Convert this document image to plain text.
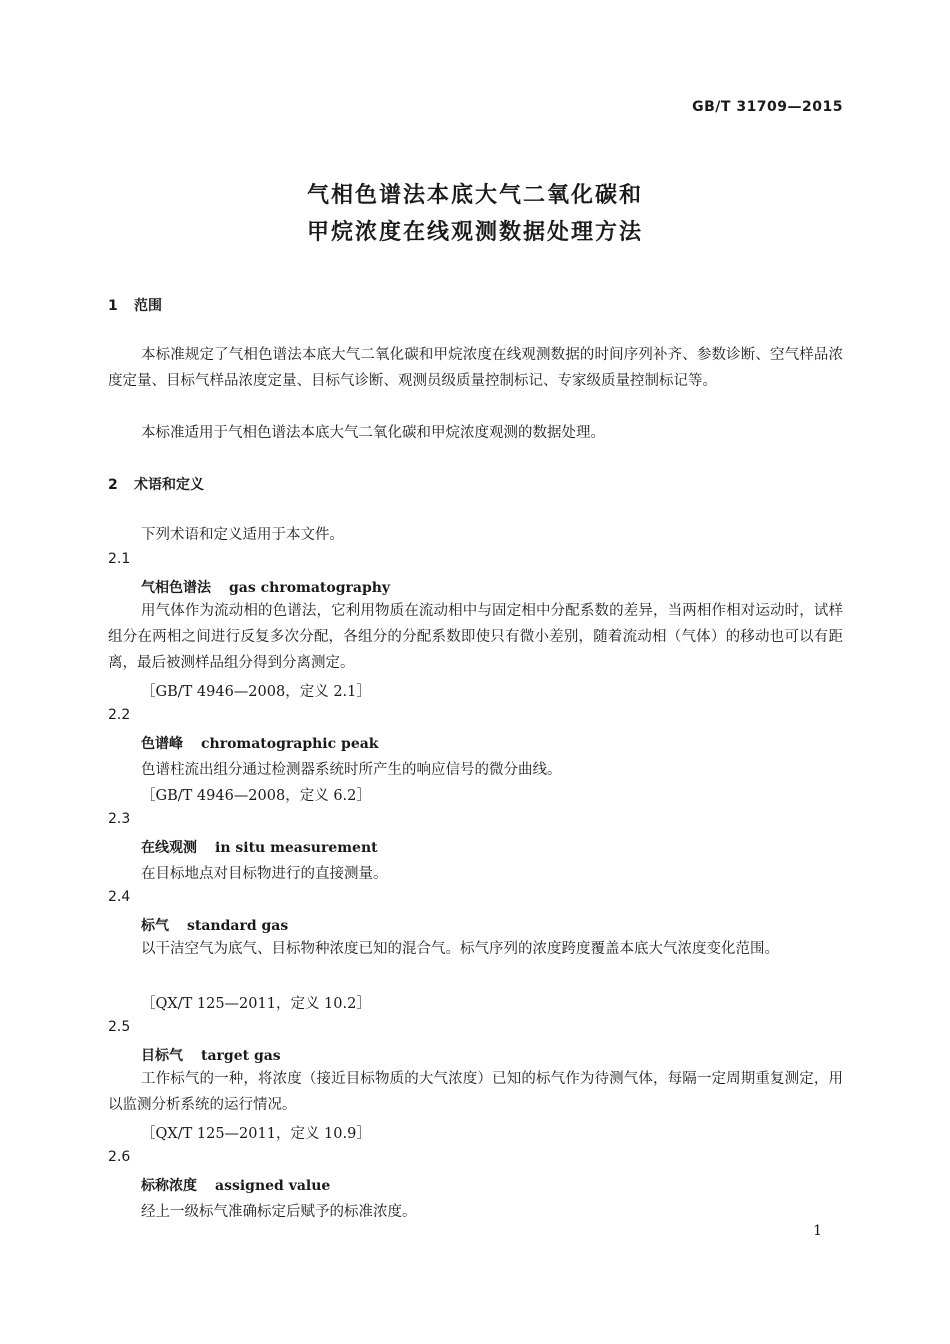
GB/T 31709—2015
气相色谱法本底大气二氧化碳和
甲烷浓度在线观测数据处理方法
1 范围
本标准规定了气相色谱法本底大气二氧化碳和甲烷浓度在线观测数据的时间序列补齐、参数诊断、空气样品浓度定量、目标气样品浓度定量、目标气诊断、观测员级质量控制标记、专家级质量控制标记等。
本标准适用于气相色谱法本底大气二氧化碳和甲烷浓度观测的数据处理。
2 术语和定义
下列术语和定义适用于本文件。
2.1
气相色谱法 gas chromatography
用气体作为流动相的色谱法，它利用物质在流动相中与固定相中分配系数的差异，当两相作相对运动时，试样组分在两相之间进行反复多次分配，各组分的分配系数即使只有微小差别，随着流动相（气体）的移动也可以有距离，最后被测样品组分得到分离测定。
［GB/T 4946—2008，定义 2.1］
2.2
色谱峰 chromatographic peak
色谱柱流出组分通过检测器系统时所产生的响应信号的微分曲线。
［GB/T 4946—2008，定义 6.2］
2.3
在线观测 in situ measurement
在目标地点对目标物进行的直接测量。
2.4
标气 standard gas
以干洁空气为底气、目标物种浓度已知的混合气。标气序列的浓度跨度覆盖本底大气浓度变化范围。
［QX/T 125—2011，定义 10.2］
2.5
目标气 target gas
工作标气的一种，将浓度（接近目标物质的大气浓度）已知的标气作为待测气体，每隔一定周期重复测定，用以监测分析系统的运行情况。
［QX/T 125—2011，定义 10.9］
2.6
标称浓度 assigned value
经上一级标气准确标定后赋予的标准浓度。
1
